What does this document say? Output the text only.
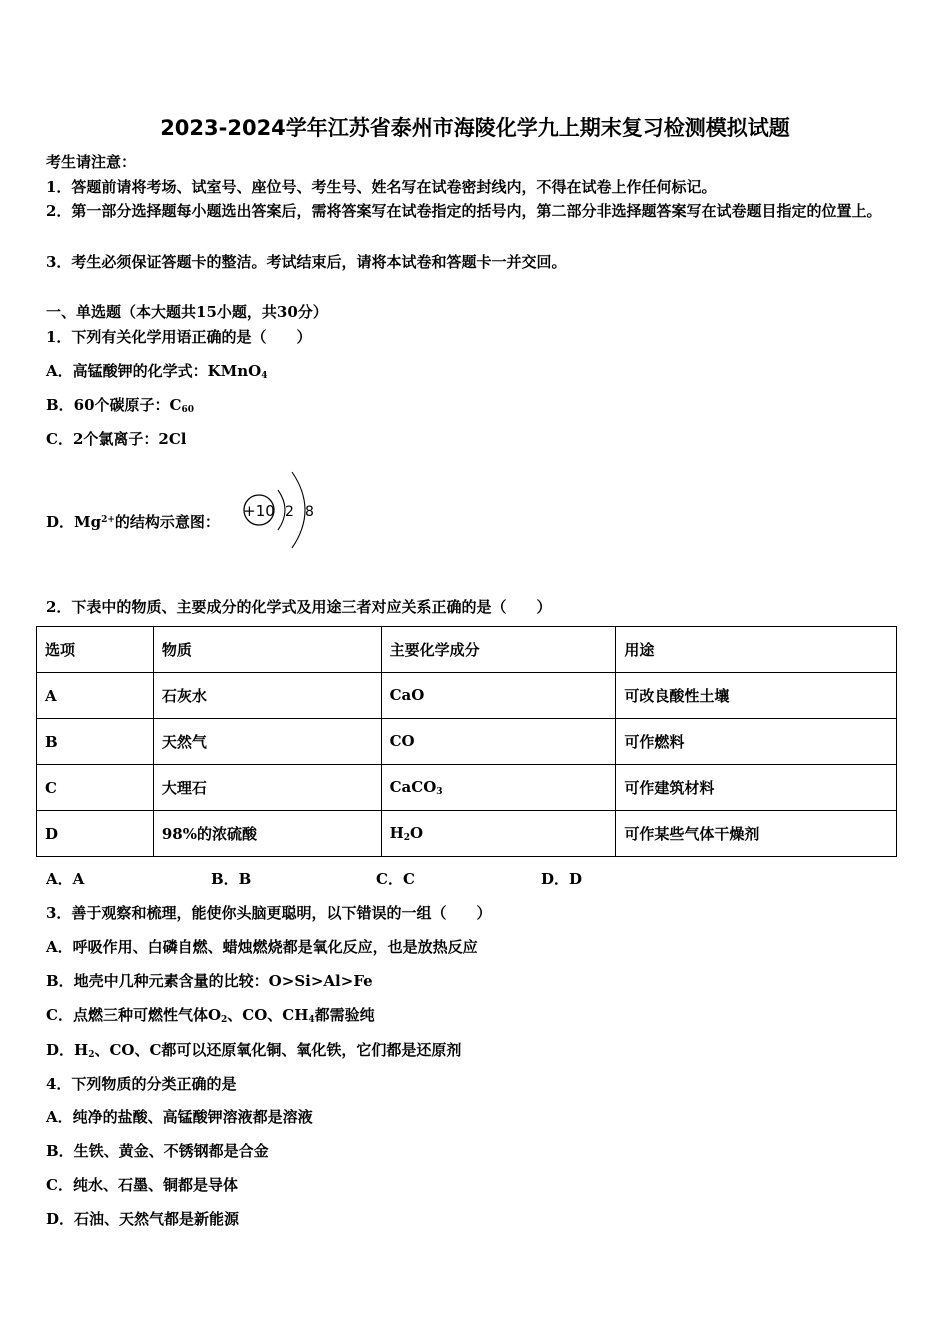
2023-2024学年江苏省泰州市海陵化学九上期末复习检测模拟试题
考生请注意：
1．答题前请将考场、试室号、座位号、考生号、姓名写在试卷密封线内，不得在试卷上作任何标记。
2．第一部分选择题每小题选出答案后，需将答案写在试卷指定的括号内，第二部分非选择题答案写在试卷题目指定的位置上。
3．考生必须保证答题卡的整洁。考试结束后，请将本试卷和答题卡一并交回。
一、单选题（本大题共15小题，共30分）
1．下列有关化学用语正确的是（　　）
A．高锰酸钾的化学式：KMnO$_4$
B．60个碳原子：$C_{60}$
C．2个氯离子：2Cl
D．$Mg^{2+}$的结构示意图：
+10 2 8
2．下表中的物质、主要成分的化学式及用途三者对应关系正确的是（　　）
选项	物质	主要化学成分	用途
A	石灰水	CaO	可改良酸性土壤
B	天然气	CO	可作燃料
C	大理石	CaCO$_3$	可作建筑材料
D	98%的浓硫酸	$H_2O$	可作某些气体干燥剂
A．A	B．B	C．C	D．D
3．善于观察和梳理，能使你头脑更聪明，以下错误的一组（　　）
A．呼吸作用、白磷自燃、蜡烛燃烧都是氧化反应，也是放热反应
B．地壳中几种元素含量的比较：O>Si>Al>Fe
C．点燃三种可燃性气体$O_2$、CO、$CH_4$都需验纯
D．$H_2$、CO、C都可以还原氧化铜、氧化铁，它们都是还原剂
4．下列物质的分类正确的是
A．纯净的盐酸、高锰酸钾溶液都是溶液
B．生铁、黄金、不锈钢都是合金
C．纯水、石墨、铜都是导体
D．石油、天然气都是新能源
